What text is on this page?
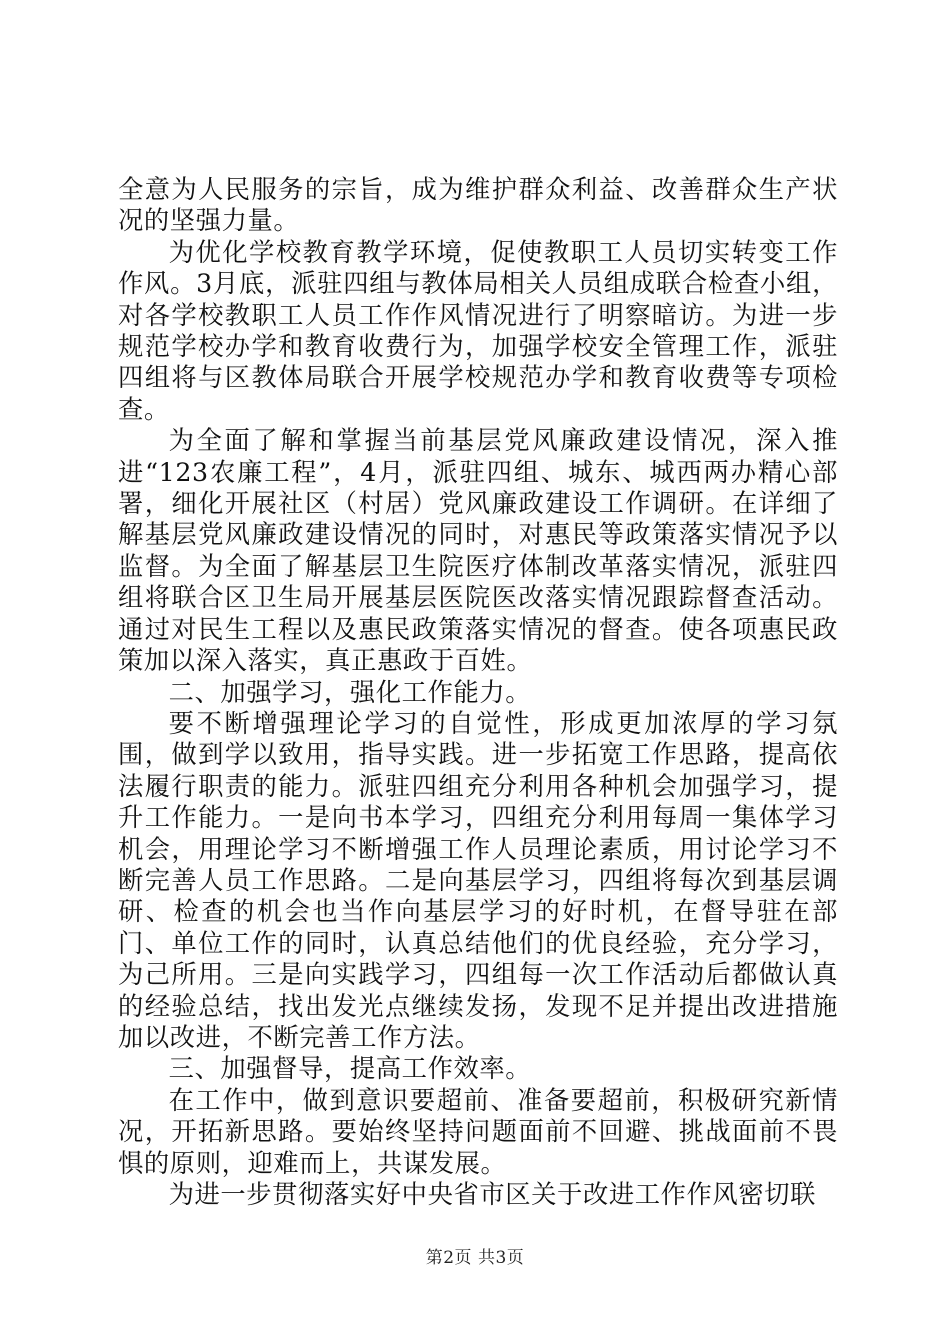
全意为人民服务的宗旨，成为维护群众利益、改善群众生产状况的坚强力量。

为优化学校教育教学环境，促使教职工人员切实转变工作作风。3月底，派驻四组与教体局相关人员组成联合检查小组，对各学校教职工人员工作作风情况进行了明察暗访。为进一步规范学校办学和教育收费行为，加强学校安全管理工作，派驻四组将与区教体局联合开展学校规范办学和教育收费等专项检查。

为全面了解和掌握当前基层党风廉政建设情况，深入推进“123农廉工程”，4月，派驻四组、城东、城西两办精心部署，细化开展社区（村居）党风廉政建设工作调研。在详细了解基层党风廉政建设情况的同时，对惠民等政策落实情况予以监督。为全面了解基层卫生院医疗体制改革落实情况，派驻四组将联合区卫生局开展基层医院医改落实情况跟踪督查活动。通过对民生工程以及惠民政策落实情况的督查。使各项惠民政策加以深入落实，真正惠政于百姓。

二、加强学习，强化工作能力。

要不断增强理论学习的自觉性，形成更加浓厚的学习氛围，做到学以致用，指导实践。进一步拓宽工作思路，提高依法履行职责的能力。派驻四组充分利用各种机会加强学习，提升工作能力。一是向书本学习，四组充分利用每周一集体学习机会，用理论学习不断增强工作人员理论素质，用讨论学习不断完善人员工作思路。二是向基层学习，四组将每次到基层调研、检查的机会也当作向基层学习的好时机，在督导驻在部门、单位工作的同时，认真总结他们的优良经验，充分学习，为己所用。三是向实践学习，四组每一次工作活动后都做认真的经验总结，找出发光点继续发扬，发现不足并提出改进措施加以改进，不断完善工作方法。

三、加强督导，提高工作效率。

在工作中，做到意识要超前、准备要超前，积极研究新情况，开拓新思路。要始终坚持问题面前不回避、挑战面前不畏惧的原则，迎难而上，共谋发展。

为进一步贯彻落实好中央省市区关于改进工作作风密切联

第2页 共3页
